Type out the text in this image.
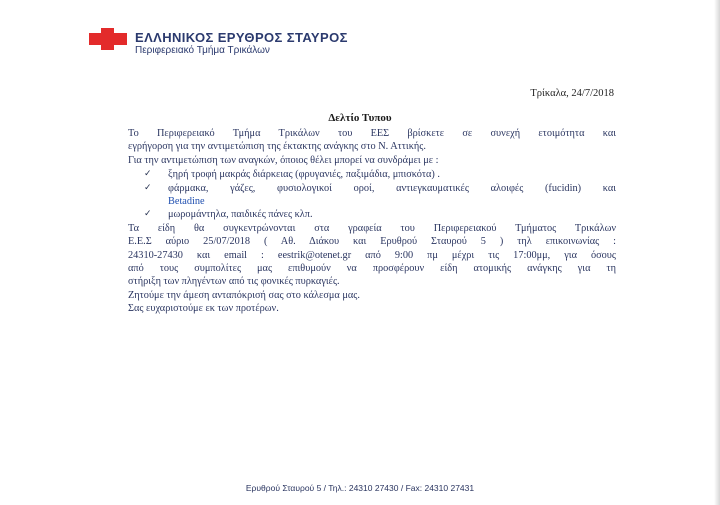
ΕΛΛΗΝΙΚΟΣ ΕΡΥΘΡΟΣ ΣΤΑΥΡΟΣ
Περιφερειακό Τμήμα Τρικάλων
Τρίκαλα, 24/7/2018
Δελτίο Τυπου

Το Περιφερειακό Τμήμα Τρικάλων του ΕΕΣ βρίσκετε σε συνεχή ετοιμότητα και

εγρήγορση για την αντιμετώπιση της έκτακτης ανάγκης στο Ν. Αττικής.

Για την αντιμετώπιση των αναγκών, όποιος θέλει μπορεί να συνδράμει με :

✓ ξηρή τροφή μακράς διάρκειας (φρυγανιές, παξιμάδια, μπισκότα) .
✓ φάρμακα, γάζες, φυσιολογικοί οροί, αντιεγκαυματικές αλοιφές (fucidin) και
Betadine
✓ μωρομάντηλα, παιδικές πάνες κλπ.

Τα είδη θα συγκεντρώνονται στα γραφεία του Περιφερειακού Τμήματος Τρικάλων

Ε.Ε.Σ αύριο 25/07/2018 ( Αθ. Διάκου και Ερυθρού Σταυρού 5 ) τηλ επικοινωνίας :

24310-27430 και email : eestrik@otenet.gr από 9:00 πμ μέχρι τις 17:00μμ, για όσους

από τους συμπολίτες μας επιθυμούν να προσφέρουν είδη ατομικής ανάγκης για τη

στήριξη των πληγέντων από τις φονικές πυρκαγιές.

Ζητούμε την άμεση ανταπόκρισή σας στο κάλεσμα μας.

Σας ευχαριστούμε εκ των προτέρων.

Ερυθρού Σταυρού 5 / Τηλ.: 24310 27430 / Fax: 24310 27431
